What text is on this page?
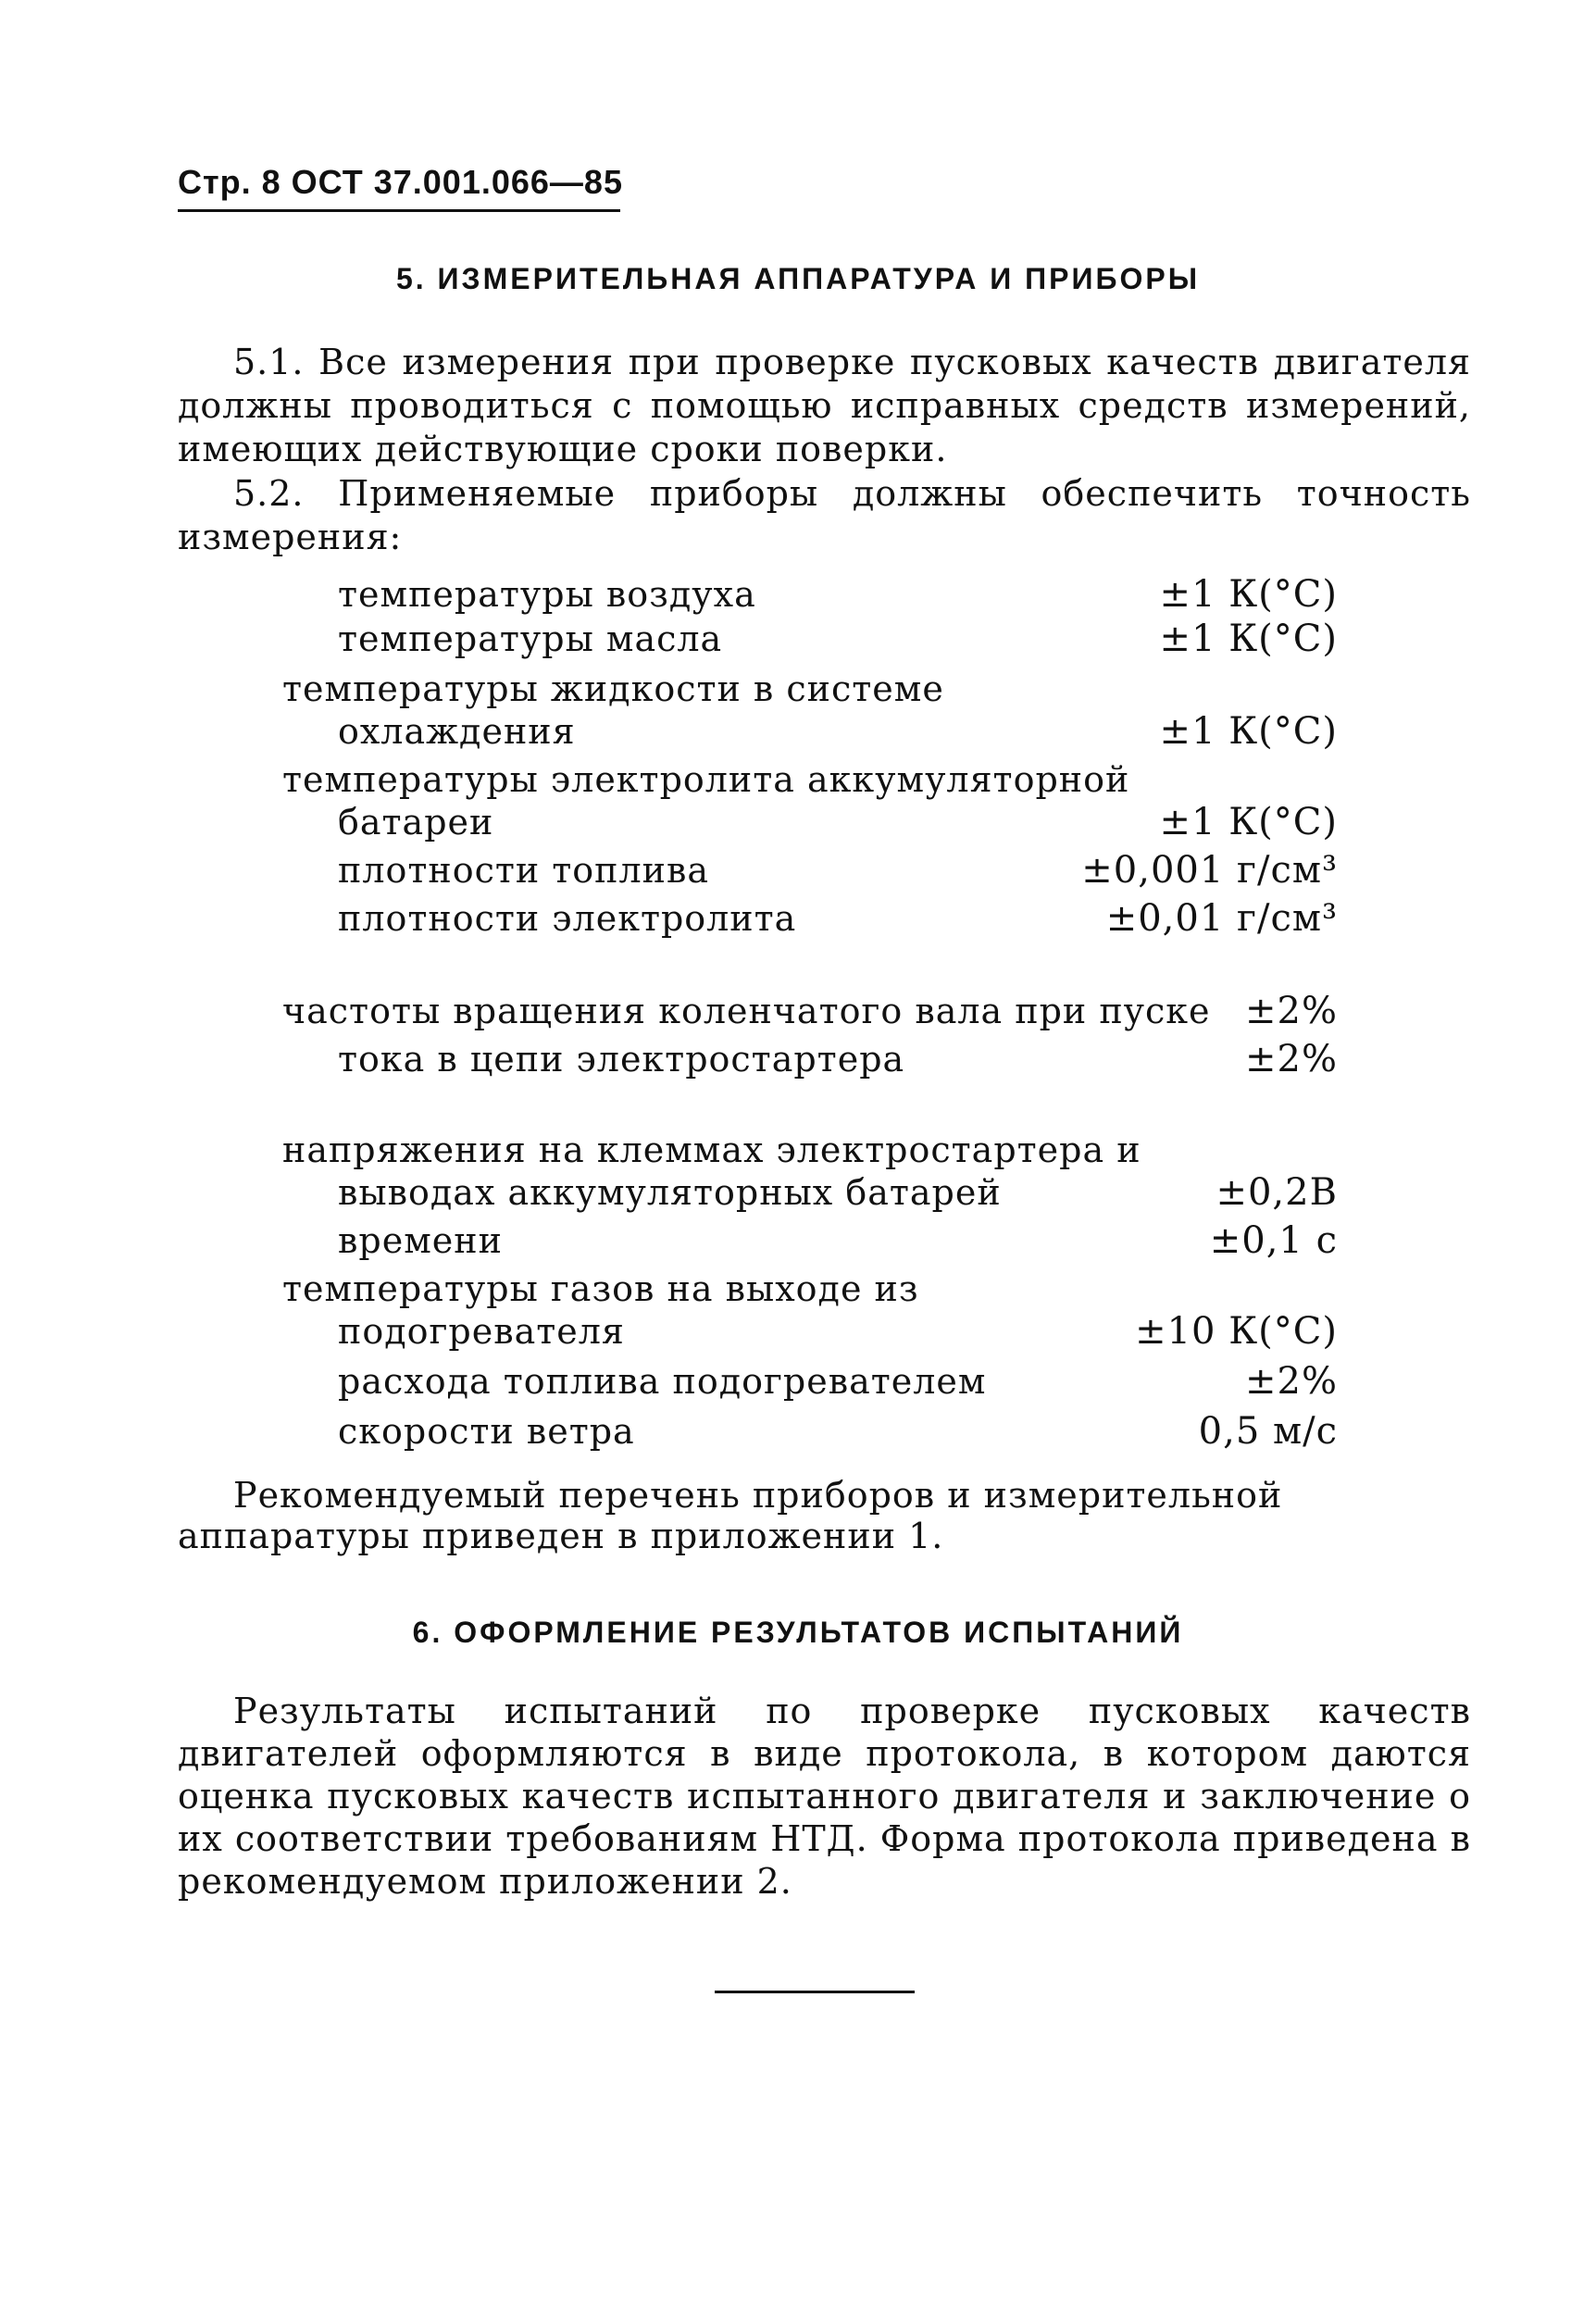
Стр. 8 ОСТ 37.001.066—85
5. ИЗМЕРИТЕЛЬНАЯ АППАРАТУРА И ПРИБОРЫ
5.1. Все измерения при проверке пусковых качеств двигателя должны проводиться с помощью исправных средств измерений, имеющих действующие сроки поверки.
5.2. Применяемые приборы должны обеспечить точность измерения:
температуры воздуха	±1 К(°С)
температуры масла	±1 К(°С)
температуры жидкости в системе охлаждения	±1 К(°С)
температуры электролита аккумуляторной батареи	±1 К(°С)
плотности топлива	±0,001 г/см³
плотности электролита	±0,01 г/см³
частоты вращения коленчатого вала при пуске ±2%
тока в цепи электростартера	±2%
напряжения на клеммах электростартера и выводах аккумуляторных батарей	±0,2В
времени	±0,1 с
температуры газов на выходе из подогревателя	±10 К(°С)
расхода топлива подогревателем	±2%
скорости ветра	0,5 м/с
Рекомендуемый перечень приборов и измерительной аппаратуры приведен в приложении 1.
6. ОФОРМЛЕНИЕ РЕЗУЛЬТАТОВ ИСПЫТАНИЙ
Результаты испытаний по проверке пусковых качеств двигателей оформляются в виде протокола, в котором даются оценка пусковых качеств испытанного двигателя и заключение о их соответствии требованиям НТД. Форма протокола приведена в рекомендуемом приложении 2.
